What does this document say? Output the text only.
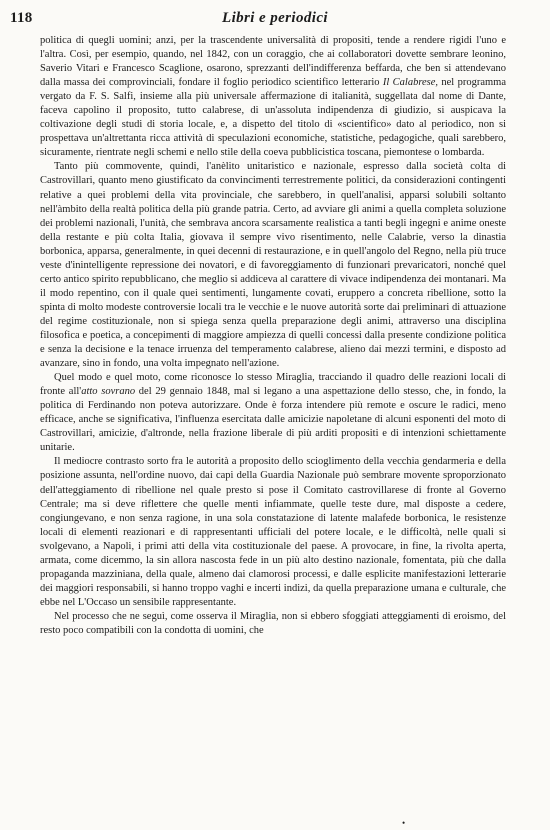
118	Libri e periodici

politica di quegli uomini; anzi, per la trascendente universalità di propositi, tende a rendere rigidi l'uno e l'altra. Così, per esempio, quando, nel 1842, con un coraggio, che ai collaboratori dovette sembrare leonino, Saverio Vitari e Francesco Scaglione, osarono, sprezzanti dell'indifferenza beffarda, che ben si attendevano dalla massa dei comprovinciali, fondare il foglio periodico scientifico letterario Il Calabrese, nel programma vergato da F. S. Salfi, insieme alla più universale affermazione di italianità, suggellata dal nome di Dante, faceva capolino il proposito, tutto calabrese, di un'assoluta indipendenza di giudizio, si auspicava la coltivazione degli studi di storia locale, e, a dispetto del titolo di «scientifico» dato al periodico, non si prospettava un'altrettanta ricca attività di speculazioni economiche, statistiche, pedagogiche, quali sarebbero, sicuramente, rientrate negli schemi e nello stile della coeva pubblicistica toscana, piemontese o lombarda.

Tanto più commovente, quindi, l'anèlito unitaristico e nazionale, espresso dalla società colta di Castrovillari, quanto meno giustificato da convincimenti terrestremente politici, da considerazioni contingenti relative a quei problemi della vita provinciale, che sarebbero, in quell'analisi, apparsi solubili soltanto nell'àmbito della realtà politica della più grande patria. Certo, ad avviare gli animi a quella completa soluzione dei problemi nazionali, l'unità, che sembrava ancora scarsamente realistica a tanti begli ingegni e anime oneste della restante e più colta Italia, giovava il sempre vivo risentimento, nelle Calabrie, verso la dinastia borbonica, apparsa, generalmente, in quei decenni di restaurazione, e in quell'angolo del Regno, nella più truce veste d'inintelligente repressione dei novatori, e di favoreggiamento di funzionari prevaricatori, nonché quel certo antico spirito repubblicano, che meglio si addiceva al carattere di vivace indipendenza dei montanari. Ma il modo repentino, con il quale quei sentimenti, lungamente covati, eruppero a concreta ribellione, sotto la spinta di molto modeste controversie locali tra le vecchie e le nuove autorità sorte dai preliminari di attuazione del regime costituzionale, non si spiega senza quella preparazione degli animi, attraverso una disciplina filosofica e poetica, a concepimenti di maggiore ampiezza di quelli concessi dalla presente condizione politica e senza la decisione e la tenace irruenza del temperamento calabrese, alieno dai mezzi termini, e disposto ad avanzare, sino in fondo, una volta impegnato nell'azione.

Quel modo e quel moto, come riconosce lo stesso Miraglia, tracciando il quadro delle reazioni locali di fronte all'atto sovrano del 29 gennaio 1848, mal si legano a una aspettazione dello stesso, che, in fondo, la politica di Ferdinando non poteva autorizzare. Onde è forza intendere più remote e oscure le radici, meno efficace, anche se significativa, l'influenza esercitata dalle amicizie napoletane di alcuni esponenti del moto di Castrovillari, amicizie, d'altronde, nella frazione liberale di più arditi propositi e di intenzioni schiettamente unitarie.

Il mediocre contrasto sorto fra le autorità a proposito dello scioglimento della vecchia gendarmeria e della posizione assunta, nell'ordine nuovo, dai capi della Guardia Nazionale può sembrare movente sproporzionato dell'atteggiamento di ribellione nel quale presto si pose il Comitato castrovillarese di fronte al Governo Centrale; ma si deve riflettere che quelle menti infiammate, quelle teste dure, mal disposte a cedere, congiungevano, e non senza ragione, in una sola constatazione di latente malafede borbonica, le resistenze locali di elementi reazionari e di rappresentanti ufficiali del potere locale, e le difficoltà, nelle quali si svolgevano, a Napoli, i primi atti della vita costituzionale del paese. A provocare, in fine, la rivolta aperta, armata, come dicemmo, la sin allora nascosta fede in un più alto destino nazionale, fomentata, più che dalla propaganda mazziniana, della quale, almeno dai clamorosi processi, e dalle esplicite manifestazioni letterarie dei maggiori responsabili, si hanno troppo vaghi e incerti indizi, da quella preparazione umana e culturale, che ebbe nel L'Occaso un sensibile rappresentante.

Nel processo che ne seguì, come osserva il Miraglia, non si ebbero sfoggiati atteggiamenti di eroismo, del resto poco compatibili con la condotta di uomini, che

•
